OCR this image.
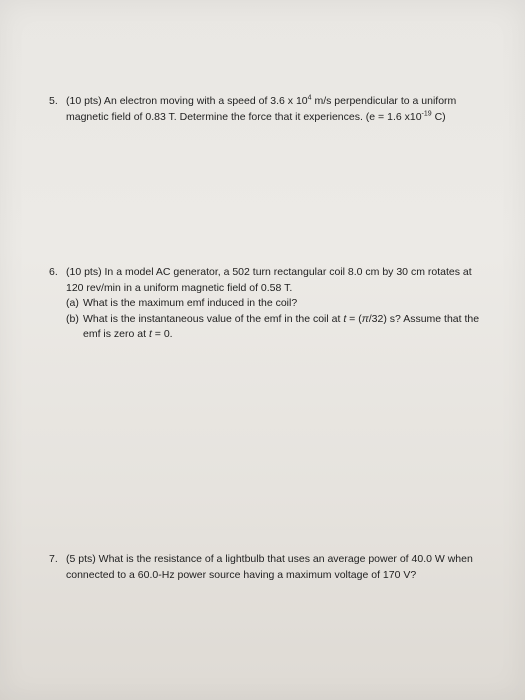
5. (10 pts) An electron moving with a speed of 3.6 x $10^4$ m/s perpendicular to a uniform magnetic field of 0.83 T. Determine the force that it experiences. (e = 1.6 $x10^{-19}$ C)
6. (10 pts) In a model AC generator, a 502 turn rectangular coil 8.0 cm by 30 cm rotates at 120 rev/min in a uniform magnetic field of 0.58 T.
(a) What is the maximum emf induced in the coil?
(b) What is the instantaneous value of the emf in the coil at t = (π/32) s? Assume that the emf is zero at t = 0.
7. (5 pts) What is the resistance of a lightbulb that uses an average power of 40.0 W when connected to a 60.0-Hz power source having a maximum voltage of 170 V?
